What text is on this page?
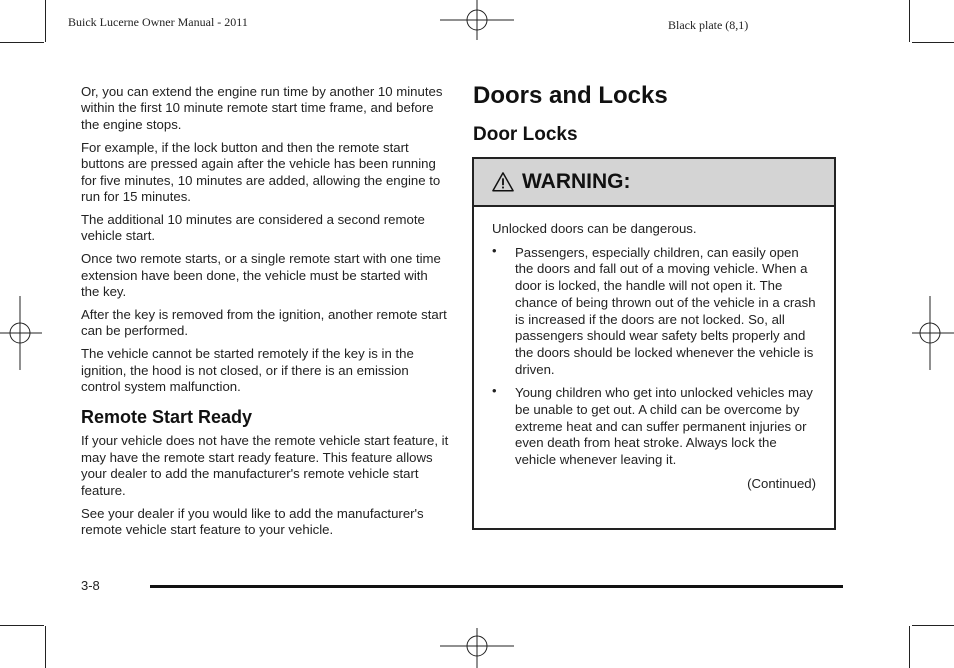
Buick Lucerne Owner Manual - 2011	Black plate (8,1)

Or, you can extend the engine run time by another 10 minutes within the first 10 minute remote start time frame, and before the engine stops.

For example, if the lock button and then the remote start buttons are pressed again after the vehicle has been running for five minutes, 10 minutes are added, allowing the engine to run for 15 minutes.

The additional 10 minutes are considered a second remote vehicle start.

Once two remote starts, or a single remote start with one time extension have been done, the vehicle must be started with the key.

After the key is removed from the ignition, another remote start can be performed.

The vehicle cannot be started remotely if the key is in the ignition, the hood is not closed, or if there is an emission control system malfunction.

Remote Start Ready

If your vehicle does not have the remote vehicle start feature, it may have the remote start ready feature. This feature allows your dealer to add the manufacturer's remote vehicle start feature.

See your dealer if you would like to add the manufacturer's remote vehicle start feature to your vehicle.

Doors and Locks
Door Locks
WARNING:

Unlocked doors can be dangerous.

• Passengers, especially children, can easily open the doors and fall out of a moving vehicle. When a door is locked, the handle will not open it. The chance of being thrown out of the vehicle in a crash is increased if the doors are not locked. So, all passengers should wear safety belts properly and the doors should be locked whenever the vehicle is driven.
• Young children who get into unlocked vehicles may be unable to get out. A child can be overcome by extreme heat and can suffer permanent injuries or even death from heat stroke. Always lock the vehicle whenever leaving it.
(Continued)
3-8
